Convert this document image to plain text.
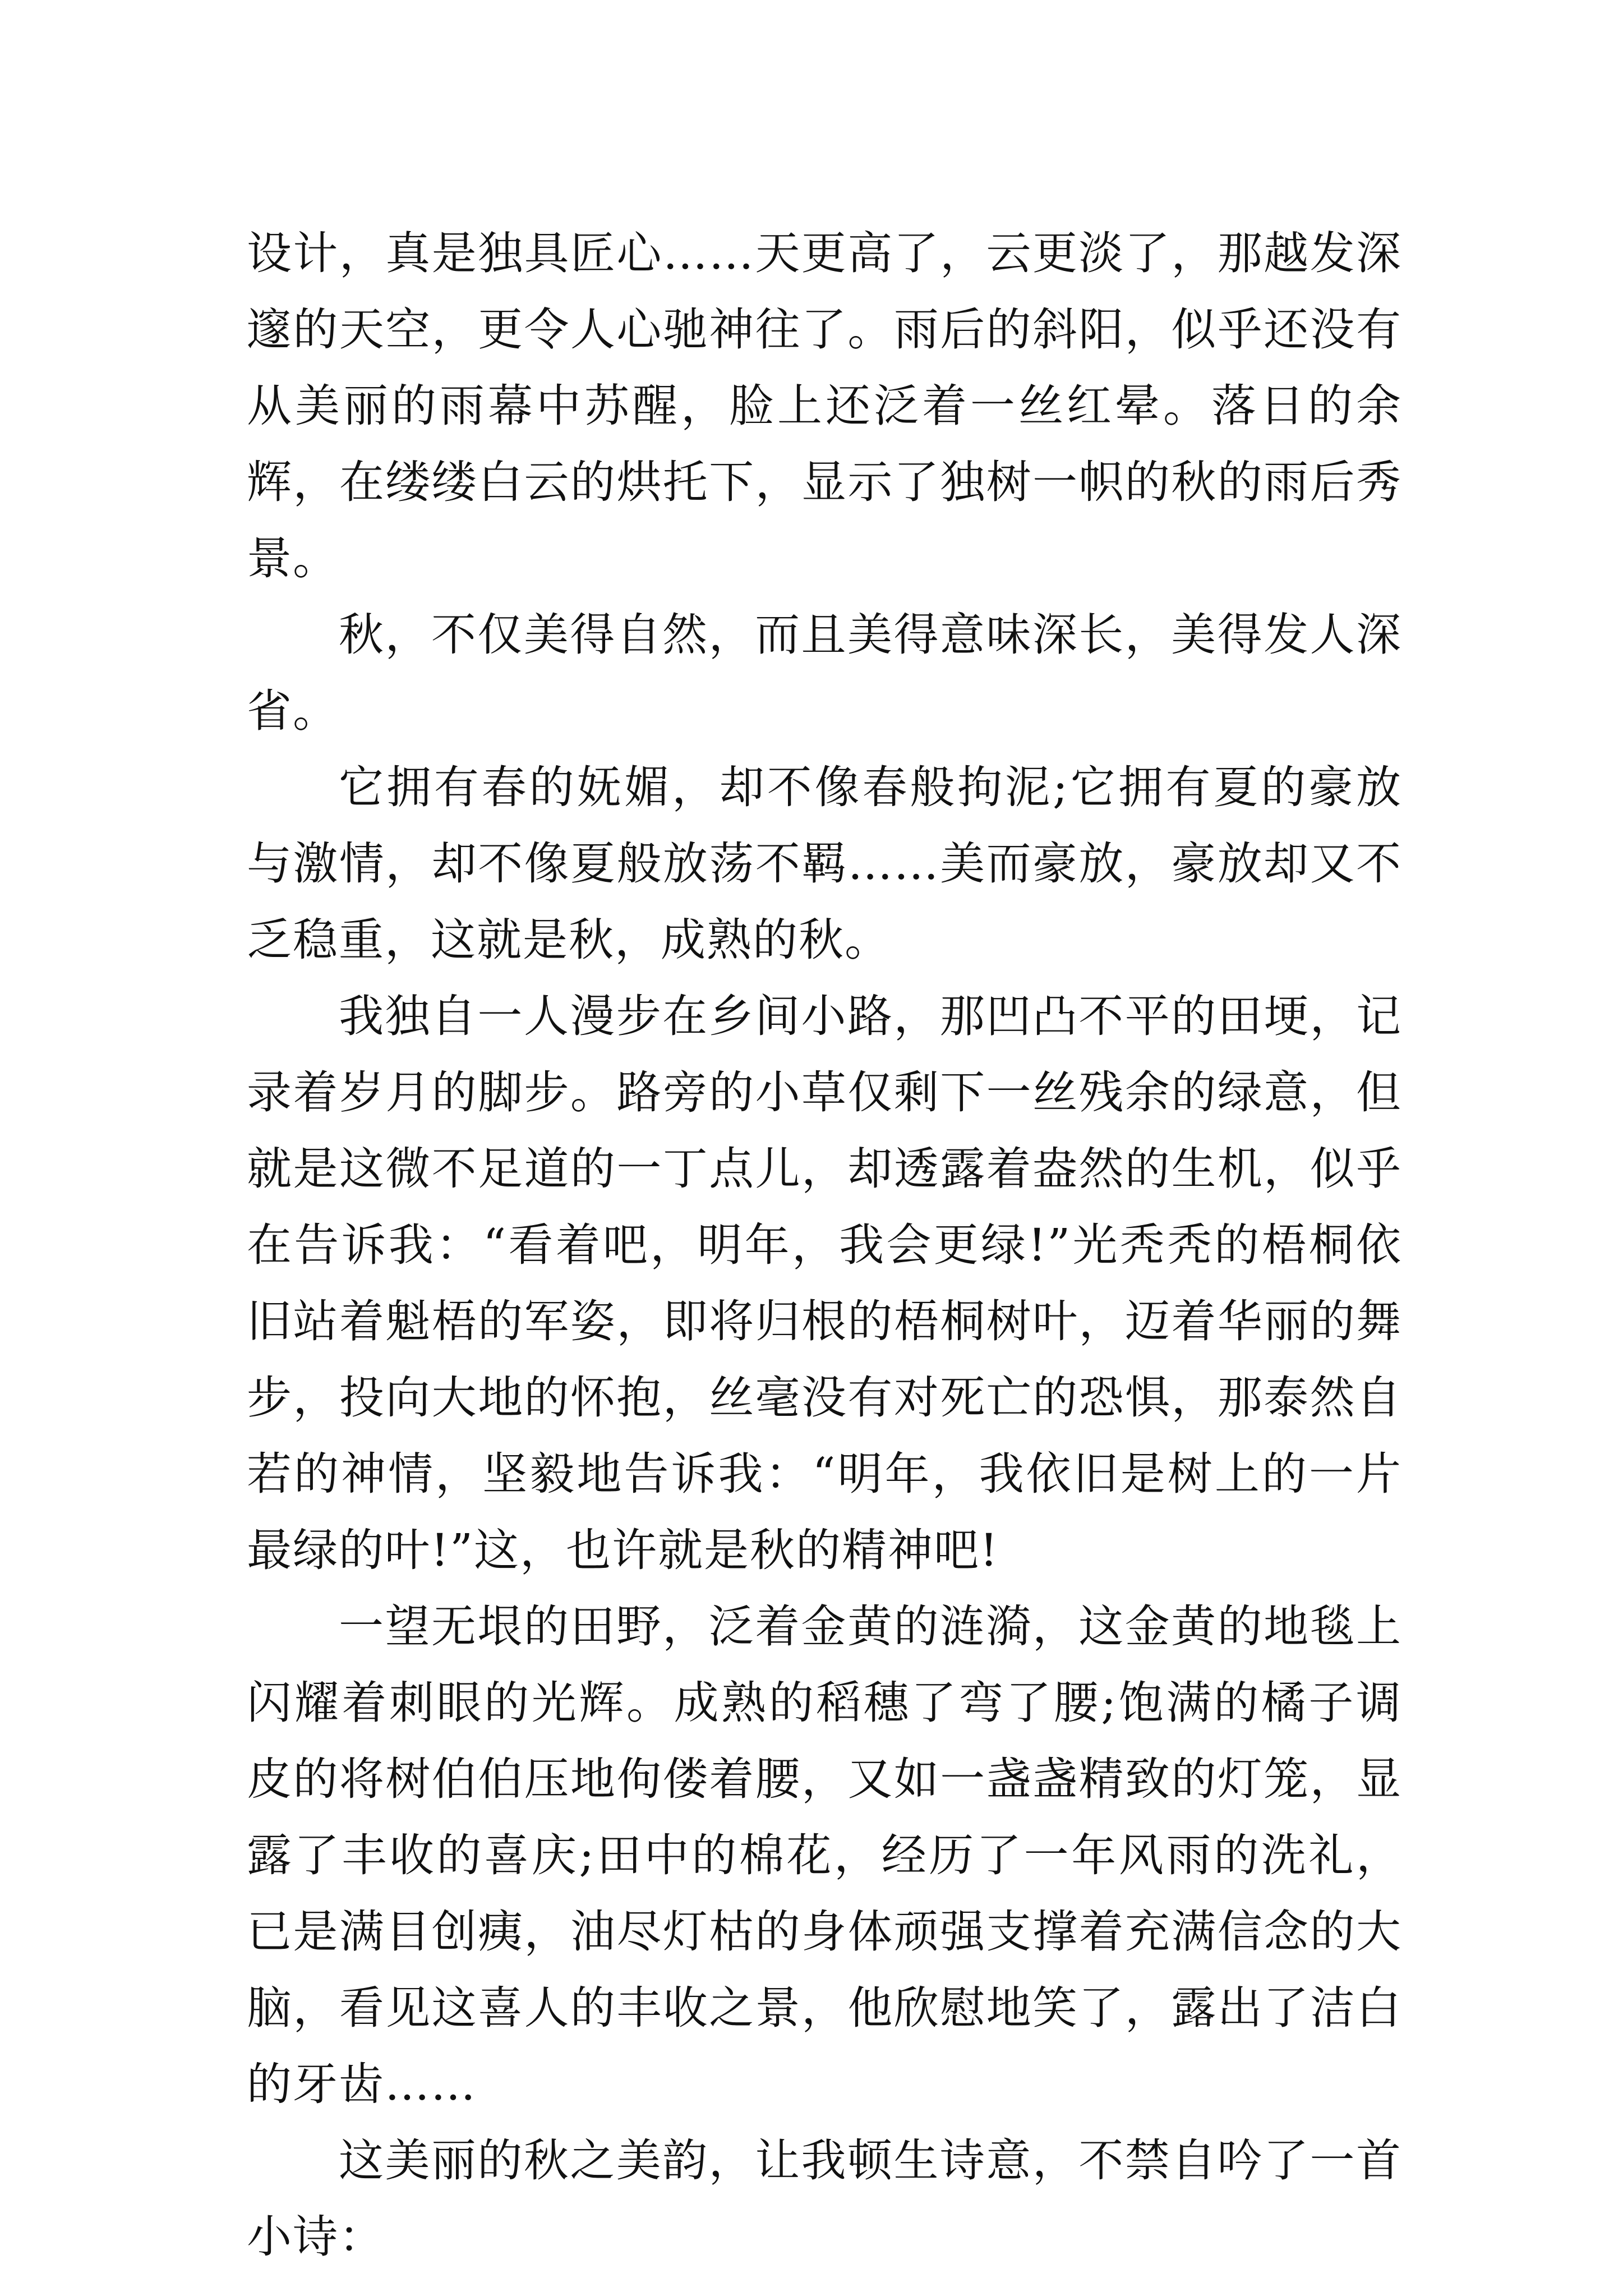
设计，真是独具匠心……天更高了，云更淡了，那越发深邃的天空，更令人心驰神往了。雨后的斜阳，似乎还没有从美丽的雨幕中苏醒，脸上还泛着一丝红晕。落日的余辉，在缕缕白云的烘托下，显示了独树一帜的秋的雨后秀景。

秋，不仅美得自然，而且美得意味深长，美得发人深省。

它拥有春的妩媚，却不像春般拘泥;它拥有夏的豪放与激情，却不像夏般放荡不羁……美而豪放，豪放却又不乏稳重，这就是秋，成熟的秋。

我独自一人漫步在乡间小路，那凹凸不平的田埂，记录着岁月的脚步。路旁的小草仅剩下一丝残余的绿意，但就是这微不足道的一丁点儿，却透露着盎然的生机，似乎在告诉我：“看着吧，明年，我会更绿!”光秃秃的梧桐依旧站着魁梧的军姿，即将归根的梧桐树叶，迈着华丽的舞步，投向大地的怀抱，丝毫没有对死亡的恐惧，那泰然自若的神情，坚毅地告诉我：“明年，我依旧是树上的一片最绿的叶!”这，也许就是秋的精神吧!

一望无垠的田野，泛着金黄的涟漪，这金黄的地毯上闪耀着刺眼的光辉。成熟的稻穗了弯了腰;饱满的橘子调皮的将树伯伯压地佝偻着腰，又如一盏盏精致的灯笼，显露了丰收的喜庆;田中的棉花，经历了一年风雨的洗礼，已是满目创痍，油尽灯枯的身体顽强支撑着充满信念的大脑，看见这喜人的丰收之景，他欣慰地笑了，露出了洁白的牙齿……

这美丽的秋之美韵，让我顿生诗意，不禁自吟了一首小诗：
